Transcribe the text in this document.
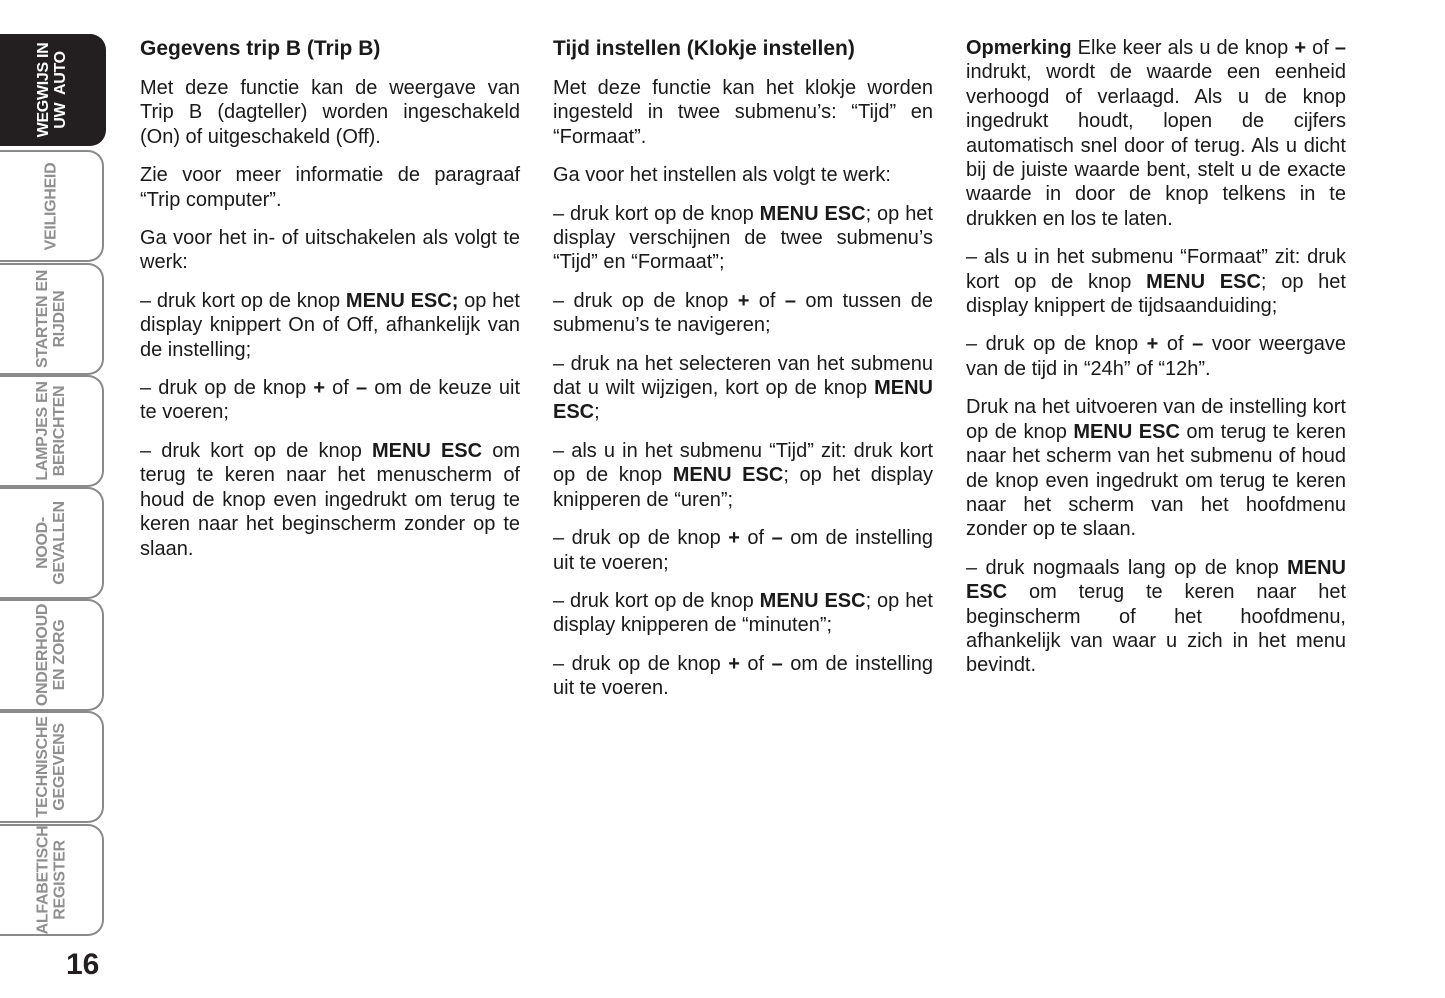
WEGWIJS IN
UW  AUTO
VEILIGHEID
STARTEN EN
RIJDEN
LAMPJES EN
BERICHTEN
NOOD-
GEVALLEN
ONDERHOUD
EN ZORG
TECHNISCHE
GEGEVENS
ALFABETISCH
REGISTER
16
Gegevens trip B (Trip B)

Met deze functie kan de weergave van Trip B (dagteller) worden ingeschakeld (On) of uitgeschakeld (Off).

Zie voor meer informatie de paragraaf “Trip computer”.

Ga voor het in- of uitschakelen als volgt te werk:

– druk kort op de knop MENU ESC; op het display knippert On of Off, afhankelijk van de instelling;

– druk op de knop + of – om de keuze uit te voeren;

– druk kort op de knop MENU ESC om terug te keren naar het menuscherm of houd de knop even ingedrukt om terug te keren naar het beginscherm zonder op te slaan.

Tijd instellen (Klokje instellen)

Met deze functie kan het klokje worden ingesteld in twee submenu’s: “Tijd” en “Formaat”.

Ga voor het instellen als volgt te werk:

– druk kort op de knop MENU ESC; op het display verschijnen de twee submenu’s “Tijd” en “Formaat”;

– druk op de knop + of – om tussen de submenu’s te navigeren;

– druk na het selecteren van het submenu dat u wilt wijzigen, kort op de knop MENU ESC;

– als u in het submenu “Tijd” zit: druk kort op de knop MENU ESC; op het display knipperen de “uren”;

– druk op de knop + of – om de instelling uit te voeren;

– druk kort op de knop MENU ESC; op het display knipperen de “minuten”;

– druk op de knop + of – om de instelling uit te voeren.

Opmerking Elke keer als u de knop + of – indrukt, wordt de waarde een eenheid verhoogd of verlaagd. Als u de knop ingedrukt houdt, lopen de cijfers automatisch snel door of terug. Als u dicht bij de juiste waarde bent, stelt u de exacte waarde in door de knop telkens in te drukken en los te laten.

– als u in het submenu “Formaat” zit: druk kort op de knop MENU ESC; op het display knippert de tijdsaanduiding;

– druk op de knop + of – voor weergave van de tijd in “24h” of “12h”.

Druk na het uitvoeren van de instelling kort op de knop MENU ESC om terug te keren naar het scherm van het submenu of houd de knop even ingedrukt om terug te keren naar het scherm van het hoofdmenu zonder op te slaan.

– druk nogmaals lang op de knop MENU ESC om terug te keren naar het beginscherm of het hoofdmenu, afhankelijk van waar u zich in het menu bevindt.
